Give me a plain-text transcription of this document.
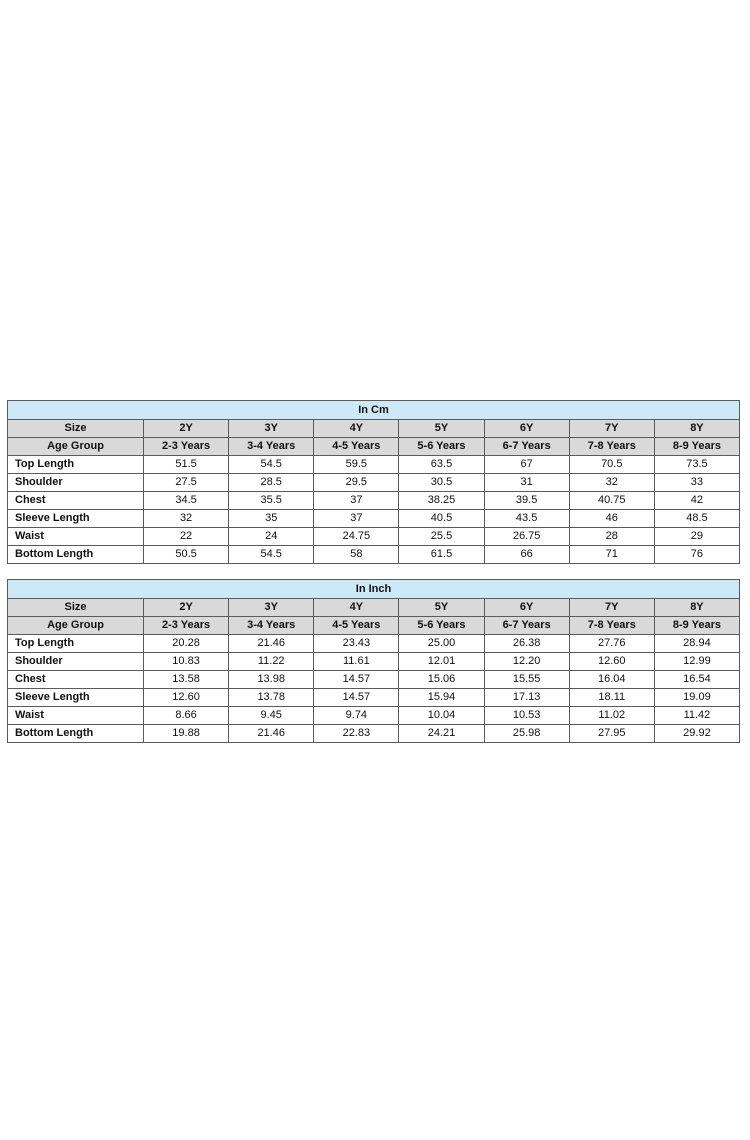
In Cm							
Size	2Y	3Y	4Y	5Y	6Y	7Y	8Y
Age Group	2-3 Years	3-4 Years	4-5 Years	5-6 Years	6-7 Years	7-8 Years	8-9 Years
Top Length	51.5	54.5	59.5	63.5	67	70.5	73.5
Shoulder	27.5	28.5	29.5	30.5	31	32	33
Chest	34.5	35.5	37	38.25	39.5	40.75	42
Sleeve Length	32	35	37	40.5	43.5	46	48.5
Waist	22	24	24.75	25.5	26.75	28	29
Bottom Length	50.5	54.5	58	61.5	66	71	76
In Inch							
Size	2Y	3Y	4Y	5Y	6Y	7Y	8Y
Age Group	2-3 Years	3-4 Years	4-5 Years	5-6 Years	6-7 Years	7-8 Years	8-9 Years
Top Length	20.28	21.46	23.43	25.00	26.38	27.76	28.94
Shoulder	10.83	11.22	11.61	12.01	12.20	12.60	12.99
Chest	13.58	13.98	14.57	15.06	15.55	16.04	16.54
Sleeve Length	12.60	13.78	14.57	15.94	17.13	18.11	19.09
Waist	8.66	9.45	9.74	10.04	10.53	11.02	11.42
Bottom Length	19.88	21.46	22.83	24.21	25.98	27.95	29.92
